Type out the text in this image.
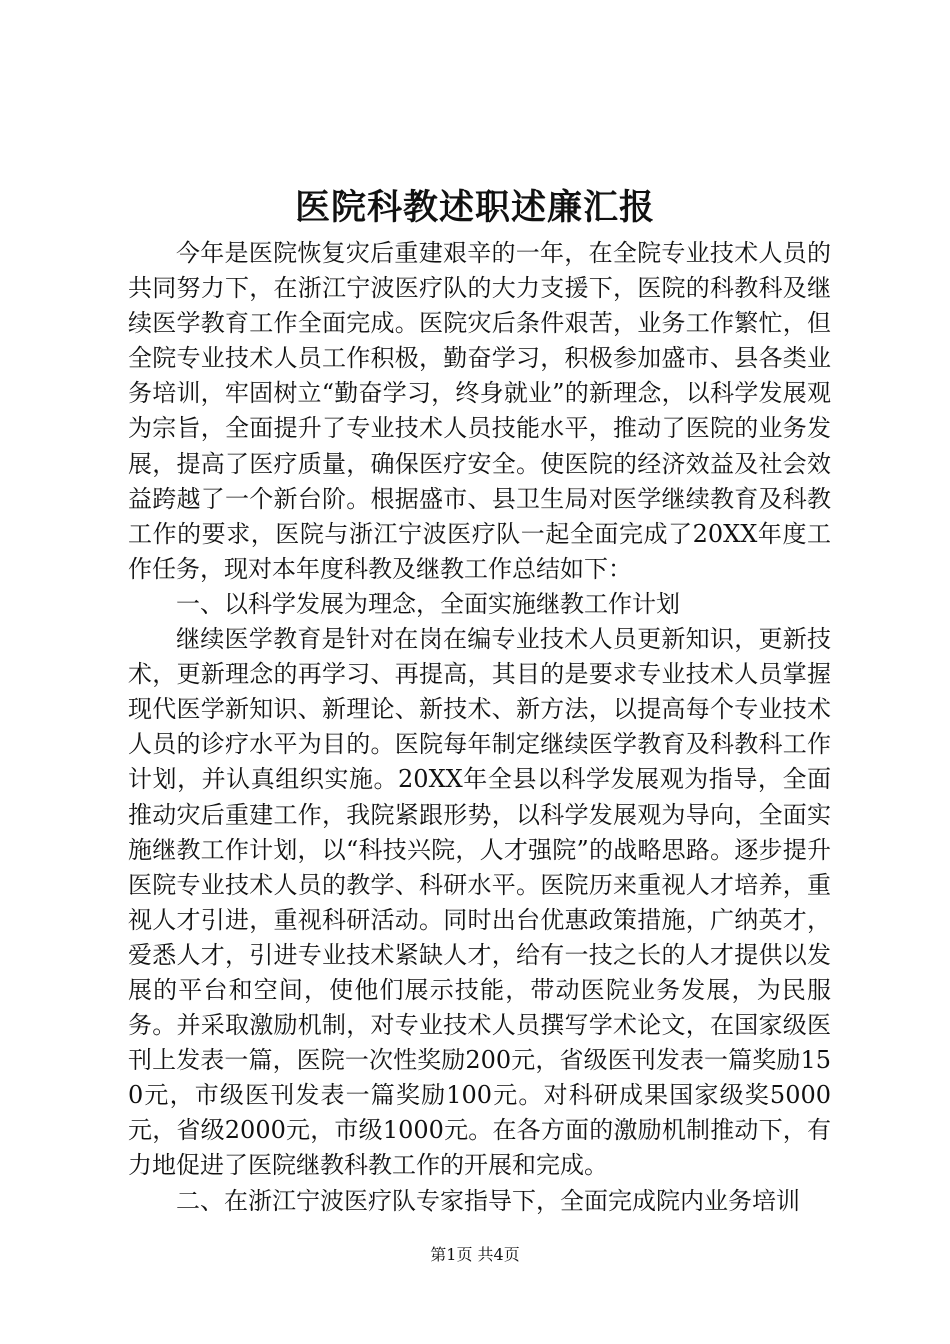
医院科教述职述廉汇报

今年是医院恢复灾后重建艰辛的一年，在全院专业技术人员的共同努力下，在浙江宁波医疗队的大力支援下，医院的科教科及继续医学教育工作全面完成。医院灾后条件艰苦，业务工作繁忙，但全院专业技术人员工作积极，勤奋学习，积极参加盛市、县各类业务培训，牢固树立“勤奋学习，终身就业”的新理念，以科学发展观为宗旨，全面提升了专业技术人员技能水平，推动了医院的业务发展，提高了医疗质量，确保医疗安全。使医院的经济效益及社会效益跨越了一个新台阶。根据盛市、县卫生局对医学继续教育及科教工作的要求，医院与浙江宁波医疗队一起全面完成了20XX年度工作任务，现对本年度科教及继教工作总结如下：

一、以科学发展为理念，全面实施继教工作计划

继续医学教育是针对在岗在编专业技术人员更新知识，更新技术，更新理念的再学习、再提高，其目的是要求专业技术人员掌握现代医学新知识、新理论、新技术、新方法，以提高每个专业技术人员的诊疗水平为目的。医院每年制定继续医学教育及科教科工作计划，并认真组织实施。20XX年全县以科学发展观为指导，全面推动灾后重建工作，我院紧跟形势，以科学发展观为导向，全面实施继教工作计划，以“科技兴院，人才强院”的战略思路。逐步提升医院专业技术人员的教学、科研水平。医院历来重视人才培养，重视人才引进，重视科研活动。同时出台优惠政策措施，广纳英才，爱悉人才，引进专业技术紧缺人才，给有一技之长的人才提供以发展的平台和空间，使他们展示技能，带动医院业务发展，为民服务。并采取激励机制，对专业技术人员撰写学术论文，在国家级医刊上发表一篇，医院一次性奖励200元，省级医刊发表一篇奖励150元，市级医刊发表一篇奖励100元。对科研成果国家级奖5000元，省级2000元，市级1000元。在各方面的激励机制推动下，有力地促进了医院继教科教工作的开展和完成。

二、在浙江宁波医疗队专家指导下，全面完成院内业务培训

第1页 共4页
